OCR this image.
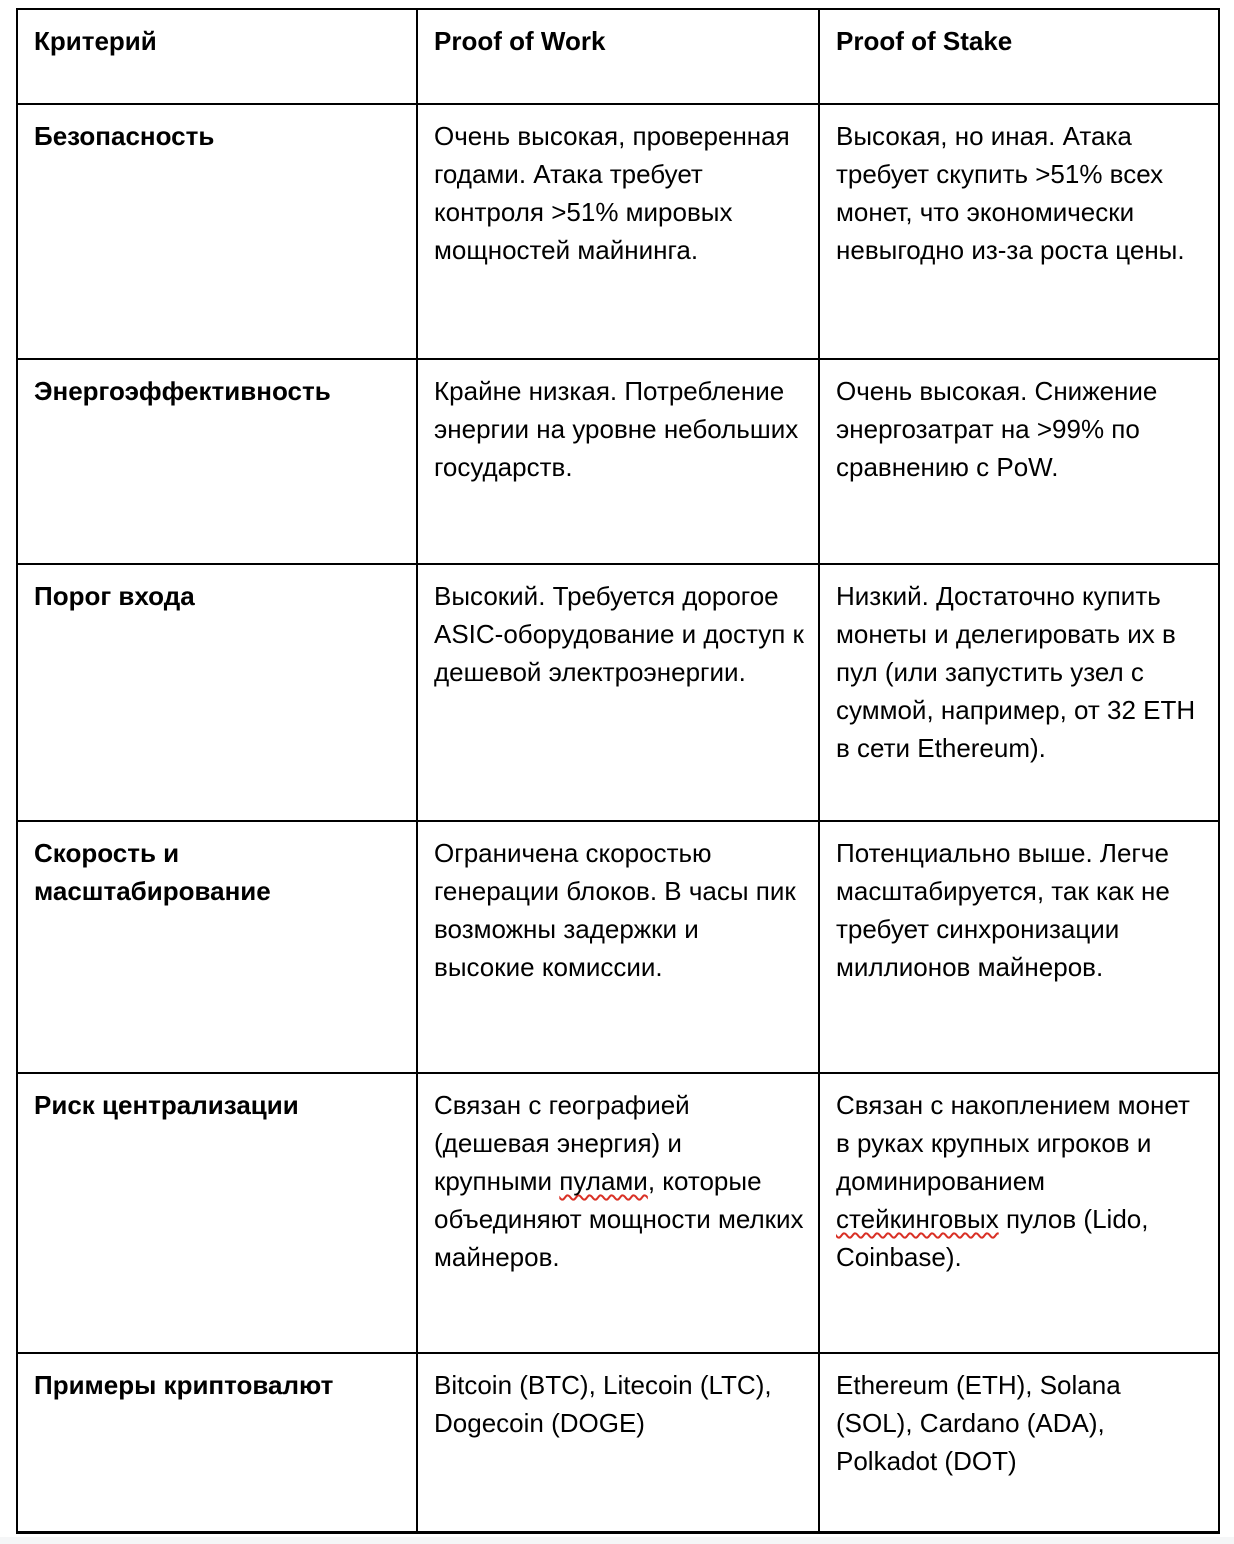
Критерий	Proof of Work	Proof of Stake
Безопасность	Очень высокая, проверенная годами. Атака требует контроля >51% мировых мощностей майнинга.	Высокая, но иная. Атака требует скупить >51% всех монет, что экономически невыгодно из-за роста цены.
Энергоэффективность	Крайне низкая. Потребление энергии на уровне небольших государств.	Очень высокая. Снижение энергозатрат на >99% по сравнению с PoW.
Порог входа	Высокий. Требуется дорогое ASIC-оборудование и доступ к дешевой электроэнергии.	Низкий. Достаточно купить монеты и делегировать их в пул (или запустить узел с суммой, например, от 32 ETH в сети Ethereum).
Скорость и масштабирование	Ограничена скоростью генерации блоков. В часы пик возможны задержки и высокие комиссии.	Потенциально выше. Легче масштабируется, так как не требует синхронизации миллионов майнеров.
Риск централизации	Связан с географией (дешевая энергия) и крупными пулами, которые объединяют мощности мелких майнеров.	Связан с накоплением монет в руках крупных игроков и доминированием стейкинговых пулов (Lido, Coinbase).
Примеры криптовалют	Bitcoin (BTC), Litecoin (LTC), Dogecoin (DOGE)	Ethereum (ETH), Solana (SOL), Cardano (ADA), Polkadot (DOT)
